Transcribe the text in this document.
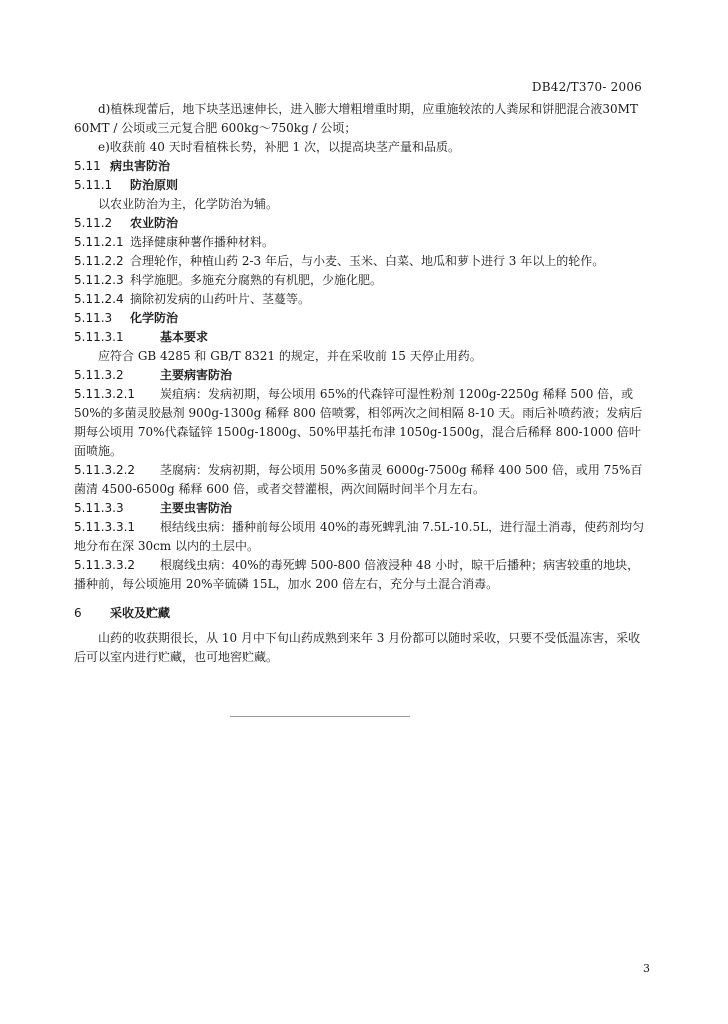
DB42/T370- 2006

d)植株现蕾后，地下块茎迅速伸长，进入膨大增粗增重时期，应重施较浓的人粪尿和饼肥混合液30MT 60MT / 公顷或三元复合肥 600kg～750kg / 公顷；

e)收获前 40 天时看植株长势，补肥 1 次，以提高块茎产量和品质。

5.11 病虫害防治

5.11.1 防治原则

以农业防治为主，化学防治为辅。

5.11.2 农业防治

5.11.2.1 选择健康种薯作播种材料。

5.11.2.2 合理轮作，种植山药 2-3 年后，与小麦、玉米、白菜、地瓜和萝卜进行 3 年以上的轮作。

5.11.2.3 科学施肥。多施充分腐熟的有机肥，少施化肥。

5.11.2.4 摘除初发病的山药叶片、茎蔓等。

5.11.3 化学防治

5.11.3.1	基本要求

应符合 GB 4285 和 GB/T 8321 的规定，并在采收前 15 天停止用药。

5.11.3.2	主要病害防治

5.11.3.2.1 炭疽病：发病初期，每公顷用 65%的代森锌可湿性粉剂 1200g-2250g 稀释 500 倍，或 50%的多菌灵胶悬剂 900g-1300g 稀释 800 倍喷雾，相邻两次之间相隔 8-10 天。雨后补喷药液；发病后期每公顷用 70%代森锰锌 1500g-1800g、50%甲基托布津 1050g-1500g，混合后稀释 800-1000 倍叶面喷施。

5.11.3.2.2 茎腐病：发病初期，每公顷用 50%多菌灵 6000g-7500g 稀释 400 500 倍，或用 75%百菌清 4500-6500g 稀释 600 倍，或者交替灌根，两次间隔时间半个月左右。

5.11.3.3	主要虫害防治

5.11.3.3.1 根结线虫病：播种前每公顷用 40%的毒死蜱乳油 7.5L-10.5L，进行湿土消毒，使药剂均匀地分布在深 30cm 以内的土层中。

5.11.3.3.2 根腐线虫病：40%的毒死蜱 500-800 倍液浸种 48 小时，晾干后播种；病害较重的地块，播种前，每公顷施用 20%辛硫磷 15L，加水 200 倍左右，充分与土混合消毒。

6 采收及贮藏

山药的收获期很长，从 10 月中下旬山药成熟到来年 3 月份都可以随时采收，只要不受低温冻害，采收后可以室内进行贮藏，也可地窖贮藏。

3
